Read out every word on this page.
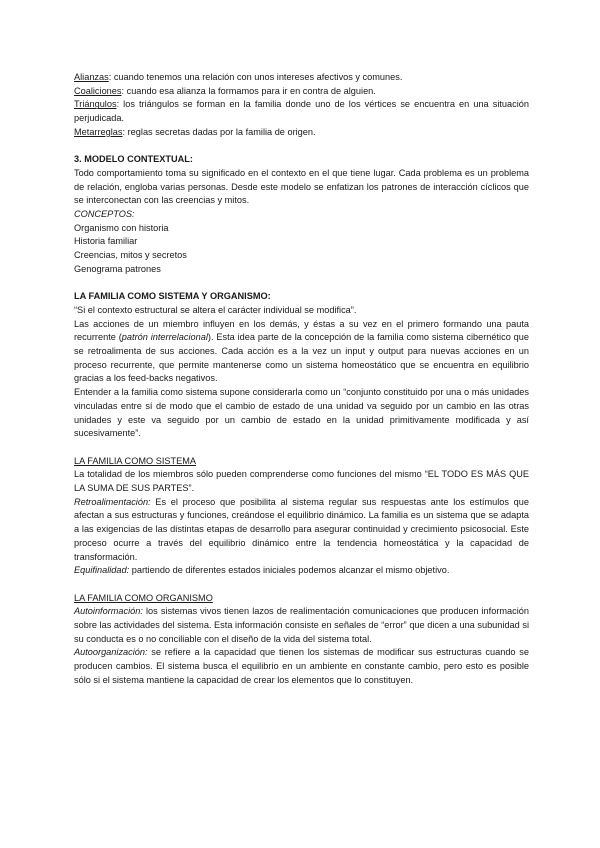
Alianzas: cuando tenemos una relación con unos intereses afectivos y comunes.

Coaliciones: cuando esa alianza la formamos para ir en contra de alguien.

Triángulos: los triángulos se forman en la familia donde uno de los vértices se encuentra en una situación perjudicada.

Metarreglas: reglas secretas dadas por la familia de origen.

3. MODELO CONTEXTUAL:

Todo comportamiento toma su significado en el contexto en el que tiene lugar. Cada problema es un problema de relación, engloba varias personas. Desde este modelo se enfatizan los patrones de interacción cíclicos que se interconectan con las creencias y mitos.

CONCEPTOS:

Organismo con historia

Historia familiar

Creencias, mitos y secretos

Genograma patrones

LA FAMILIA COMO SISTEMA Y ORGANISMO:

“Si el contexto estructural se altera el carácter individual se modifica”.

Las acciones de un miembro influyen en los demás, y éstas a su vez en el primero formando una pauta recurrente (patrón interrelacional). Esta idea parte de la concepción de la familia como sistema cibernético que se retroalimenta de sus acciones. Cada acción es a la vez un input y output para nuevas acciones en un proceso recurrente, que permite mantenerse como un sistema homeostático que se encuentra en equilibrio gracias a los feed-backs negativos.

Entender a la familia como sistema supone considerarla como un “conjunto constituido por una o más unidades vinculadas entre sí de modo que el cambio de estado de una unidad va seguido por un cambio en las otras unidades y este va seguido por un cambio de estado en la unidad primitivamente modificada y así sucesivamente”.

LA FAMILIA COMO SISTEMA

La totalidad de los miembros sólo pueden comprenderse como funciones del mismo “EL TODO ES MÁS QUE LA SUMA DE SUS PARTES”.

Retroalimentación: Es el proceso que posibilita al sistema regular sus respuestas ante los estímulos que afectan a sus estructuras y funciones, creándose el equilibrio dinámico. La familia es un sistema que se adapta a las exigencias de las distintas etapas de desarrollo para asegurar continuidad y crecimiento psicosocial. Este proceso ocurre a través del equilibrio dinámico entre la tendencia homeostática y la capacidad de transformación.

Equifinalidad: partiendo de diferentes estados iniciales podemos alcanzar el mismo objetivo.

LA FAMILIA COMO ORGANISMO

Autoinformación: los sistemas vivos tienen lazos de realimentación comunicaciones que producen información sobre las actividades del sistema. Esta información consiste en señales de “error” que dicen a una subunidad si su conducta es o no conciliable con el diseño de la vida del sistema total.

Autoorganización: se refiere a la capacidad que tienen los sistemas de modificar sus estructuras cuando se producen cambios. El sistema busca el equilibrio en un ambiente en constante cambio, pero esto es posible sólo si el sistema mantiene la capacidad de crear los elementos que lo constituyen.
